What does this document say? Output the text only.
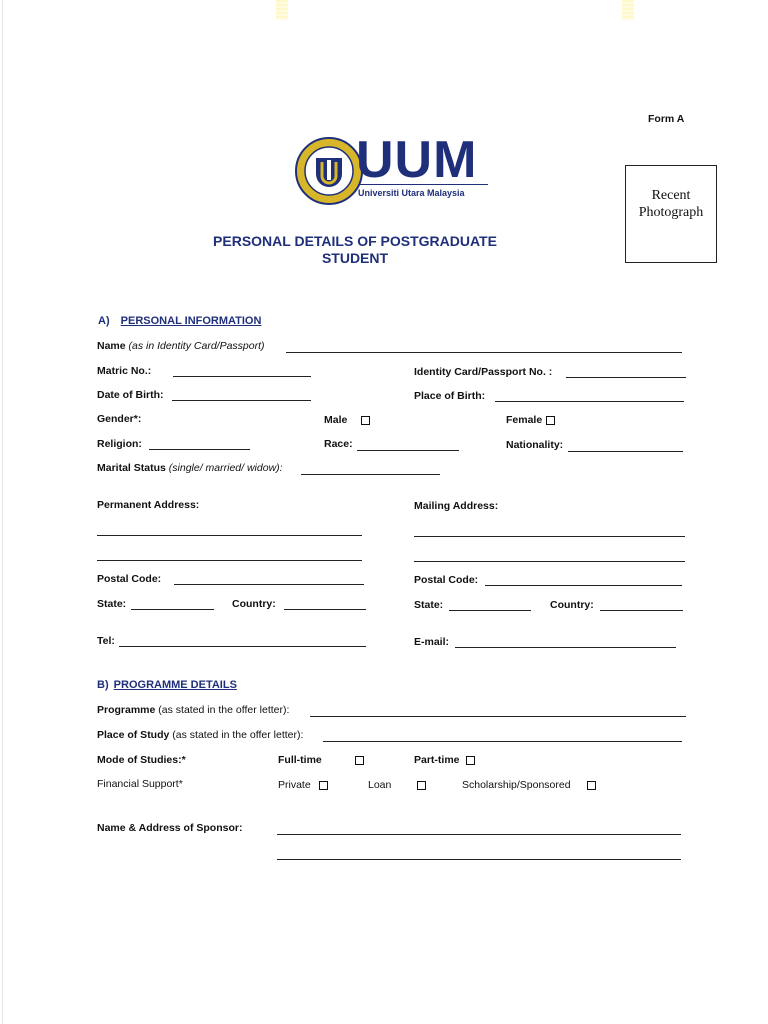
Form A
UUM
Universiti Utara Malaysia	Recent
Photograph
PERSONAL DETAILS OF POSTGRADUATE
STUDENT
A) PERSONAL INFORMATION
Name (as in Identity Card/Passport)
Matric No.:	Identity Card/Passport No. :
Date of Birth:	Place of Birth:
Gender*:	Male	Female
Religion:	Race:	Nationality:
Marital Status (single/ married/ widow):
Permanent Address:	Mailing Address:
Postal Code:	Postal Code:
State:	Country:	State:	Country:
Tel:	E-mail:
B) PROGRAMME DETAILS
Programme (as stated in the offer letter):
Place of Study (as stated in the offer letter):
Mode of Studies:*	Full-time	Part-time
Financial Support*	Private	Loan	Scholarship/Sponsored
Name & Address of Sponsor:
